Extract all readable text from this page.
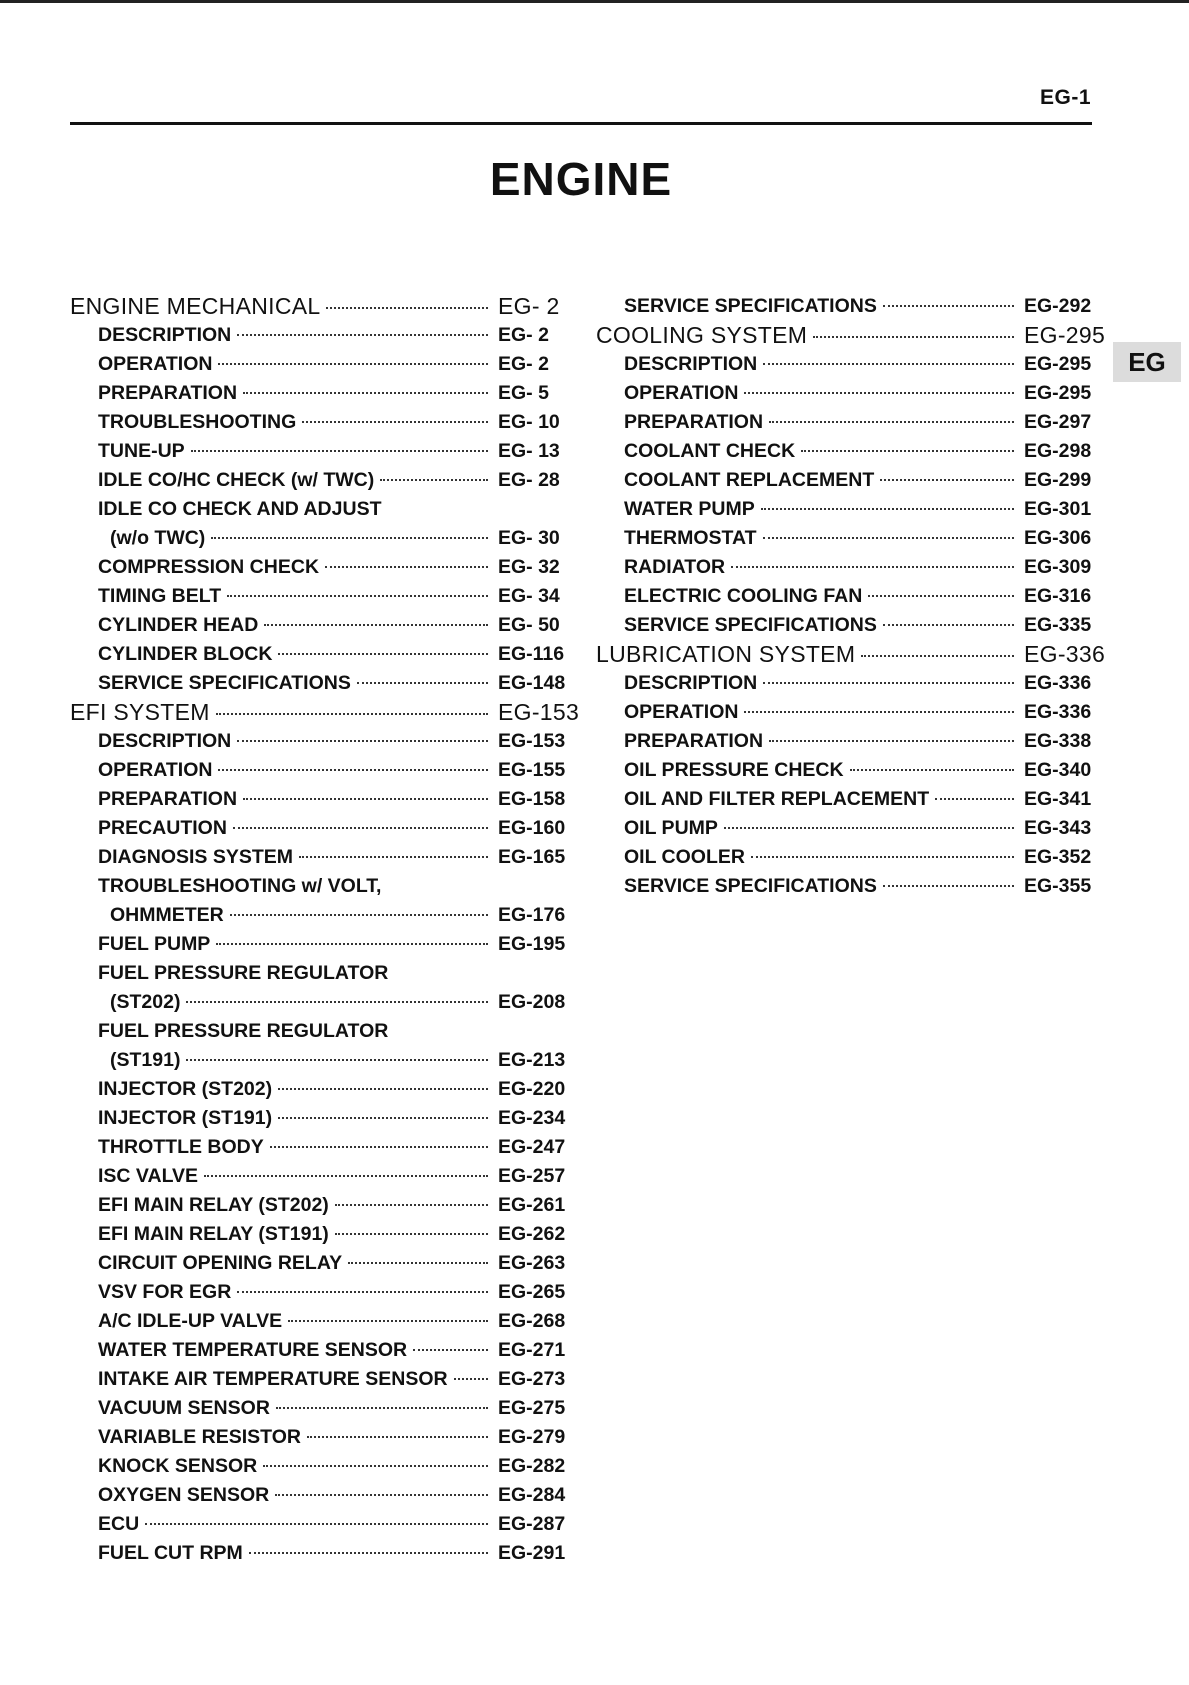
EG-1
ENGINE
EG
ENGINE MECHANICAL	EG- 2
DESCRIPTION	EG- 2
OPERATION	EG- 2
PREPARATION	EG- 5
TROUBLESHOOTING	EG- 10
TUNE-UP	EG- 13
IDLE CO/HC CHECK (w/ TWC)	EG- 28
IDLE CO CHECK AND ADJUST
(w/o TWC)	EG- 30
COMPRESSION CHECK	EG- 32
TIMING BELT	EG- 34
CYLINDER HEAD	EG- 50
CYLINDER BLOCK	EG-116
SERVICE SPECIFICATIONS	EG-148
EFI SYSTEM	EG-153
DESCRIPTION	EG-153
OPERATION	EG-155
PREPARATION	EG-158
PRECAUTION	EG-160
DIAGNOSIS SYSTEM	EG-165
TROUBLESHOOTING w/ VOLT,
OHMMETER	EG-176
FUEL PUMP	EG-195
FUEL PRESSURE REGULATOR
(ST202)	EG-208
FUEL PRESSURE REGULATOR
(ST191)	EG-213
INJECTOR (ST202)	EG-220
INJECTOR (ST191)	EG-234
THROTTLE BODY	EG-247
ISC VALVE	EG-257
EFI MAIN RELAY (ST202)	EG-261
EFI MAIN RELAY (ST191)	EG-262
CIRCUIT OPENING RELAY	EG-263
VSV FOR EGR	EG-265
A/C IDLE-UP VALVE	EG-268
WATER TEMPERATURE SENSOR	EG-271
INTAKE AIR TEMPERATURE SENSOR	EG-273
VACUUM SENSOR	EG-275
VARIABLE RESISTOR	EG-279
KNOCK SENSOR	EG-282
OXYGEN SENSOR	EG-284
ECU	EG-287
FUEL CUT RPM	EG-291
SERVICE SPECIFICATIONS	EG-292
COOLING SYSTEM	EG-295
DESCRIPTION	EG-295
OPERATION	EG-295
PREPARATION	EG-297
COOLANT CHECK	EG-298
COOLANT REPLACEMENT	EG-299
WATER PUMP	EG-301
THERMOSTAT	EG-306
RADIATOR	EG-309
ELECTRIC COOLING FAN	EG-316
SERVICE SPECIFICATIONS	EG-335
LUBRICATION SYSTEM	EG-336
DESCRIPTION	EG-336
OPERATION	EG-336
PREPARATION	EG-338
OIL PRESSURE CHECK	EG-340
OIL AND FILTER REPLACEMENT	EG-341
OIL PUMP	EG-343
OIL COOLER	EG-352
SERVICE SPECIFICATIONS	EG-355
